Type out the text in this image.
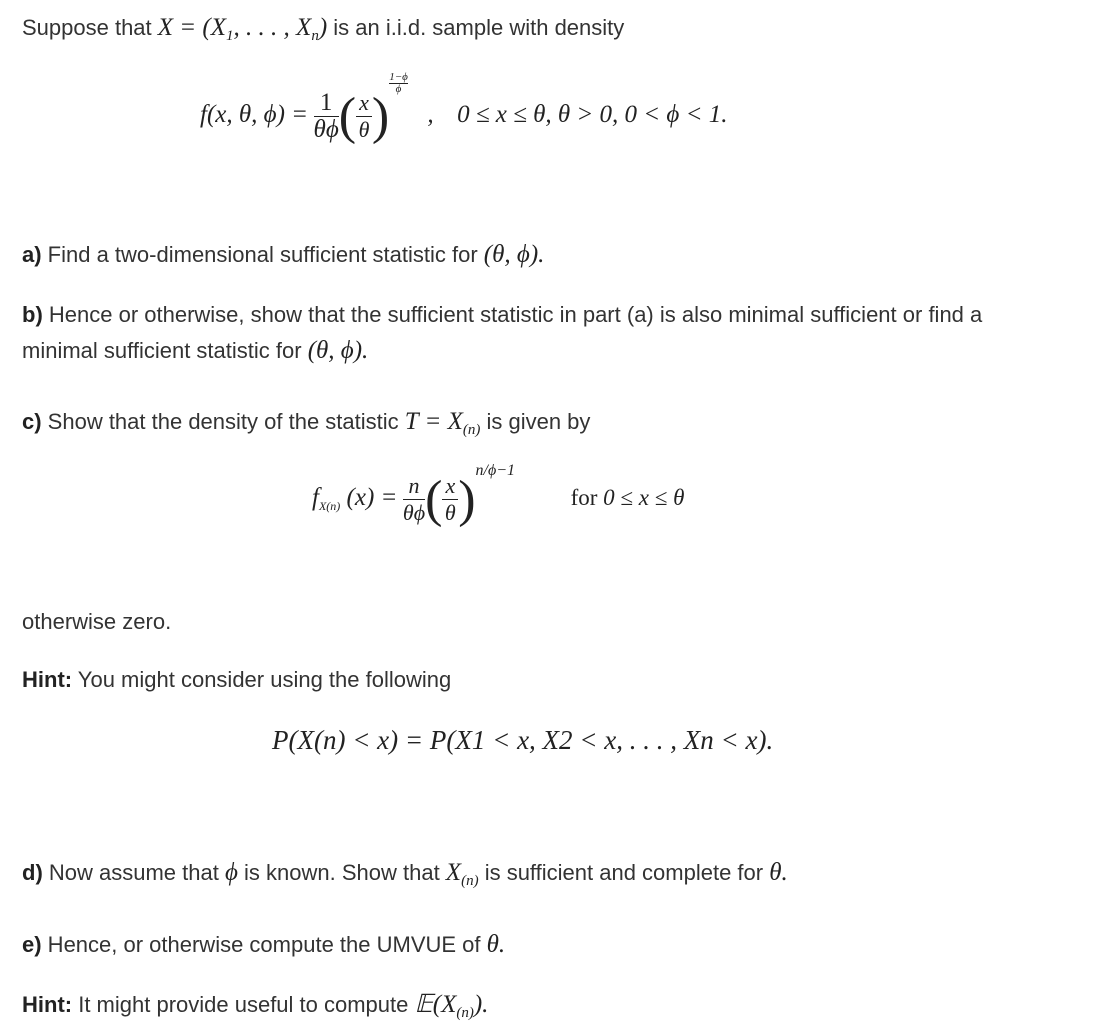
Suppose that $X = (X_1$, . . . , $X_n$) is an i.i.d. sample with density
f(x, θ, $\phi) = \frac{1}{\theta\phi}$ ( $\frac{x}{\theta}$ )
$\frac{1-\phi}{\phi}$
, 0 ≤ x ≤ θ, θ > 0, 0 < ϕ < 1.
a) Find a two-dimensional sufficient statistic for (θ, ϕ).
b) Hence or otherwise, show that the sufficient statistic in part (a) is also minimal sufficient or find a
minimal sufficient statistic for (θ, ϕ).
c) Show that the density of the statistic $T = X_{(n)}$ is given by
$f_{X(n)}$ $(x) = \frac{n}{\theta\phi}$ ( $\frac{x}{\theta} )^{n/\phi-1}$ for 0 ≤ x ≤ θ
otherwise zero.
Hint: You might consider using the following
P(X(n) < x) = P(X1 < x, X2 < x, . . . , Xn < x).
d) Now assume that ϕ is known. Show that $X_{(n)}$ is sufficient and complete for θ.
e) Hence, or otherwise compute the UMVUE of θ.
Hint: It might provide useful to compute $𝔼(X_{(n)})$.
